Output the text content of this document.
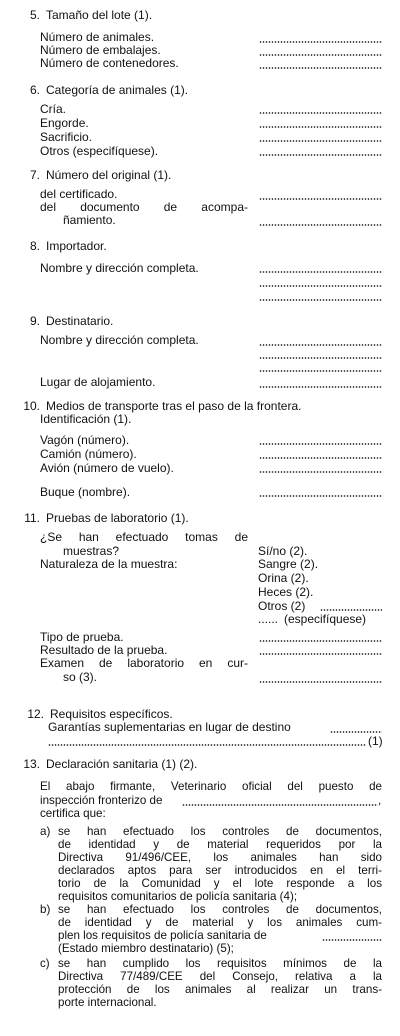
5. Tamaño del lote (1).
Número de animales.
Número de embalajes.
Número de contenedores.
6. Categoría de animales (1).
Cría.
Engorde.
Sacrificio.
Otros (especifíquese).
7. Número del original (1).
del certificado.
del documento de acompa-
ñamiento.
8. Importador.
Nombre y dirección completa.
9. Destinatario.
Nombre y dirección completa.
Lugar de alojamiento.
10. Medios de transporte tras el paso de la frontera.
Identificación (1).
Vagón (número).
Camión (número).
Avión (número de vuelo).
Buque (nombre).
11. Pruebas de laboratorio (1).
¿Se han efectuado tomas de
muestras?
Naturaleza de la muestra:
Sí/no (2).
Sangre (2).
Orina (2).
Heces (2).
Otros (2)
...... (especifíquese)
Tipo de prueba.
Resultado de la prueba.
Examen de laboratorio en cur-
so (3).
12. Requisitos específicos.
Garantías suplementarias en lugar de destino
(1)
13. Declaración sanitaria (1) (2).
El abajo firmante, Veterinario oficial del puesto de
inspección fronterizo de	,
certifica que:
a) se han efectuado los controles de documentos,
de identidad y de material requeridos por la
Directiva 91/496/CEE, los animales han sido
declarados aptos para ser introducidos en el terri-
torio de la Comunidad y el lote responde a los
requisitos comunitarios de policía sanitaria (4);
b) se han efectuado los controles de documentos,
de identidad y de material y los animales cum-
plen los requisitos de policía sanitaria de
(Estado miembro destinatario) (5);
c) se han cumplido los requisitos mínimos de la
Directiva 77/489/CEE del Consejo, relativa a la
protección de los animales al realizar un trans-
porte internacional.
